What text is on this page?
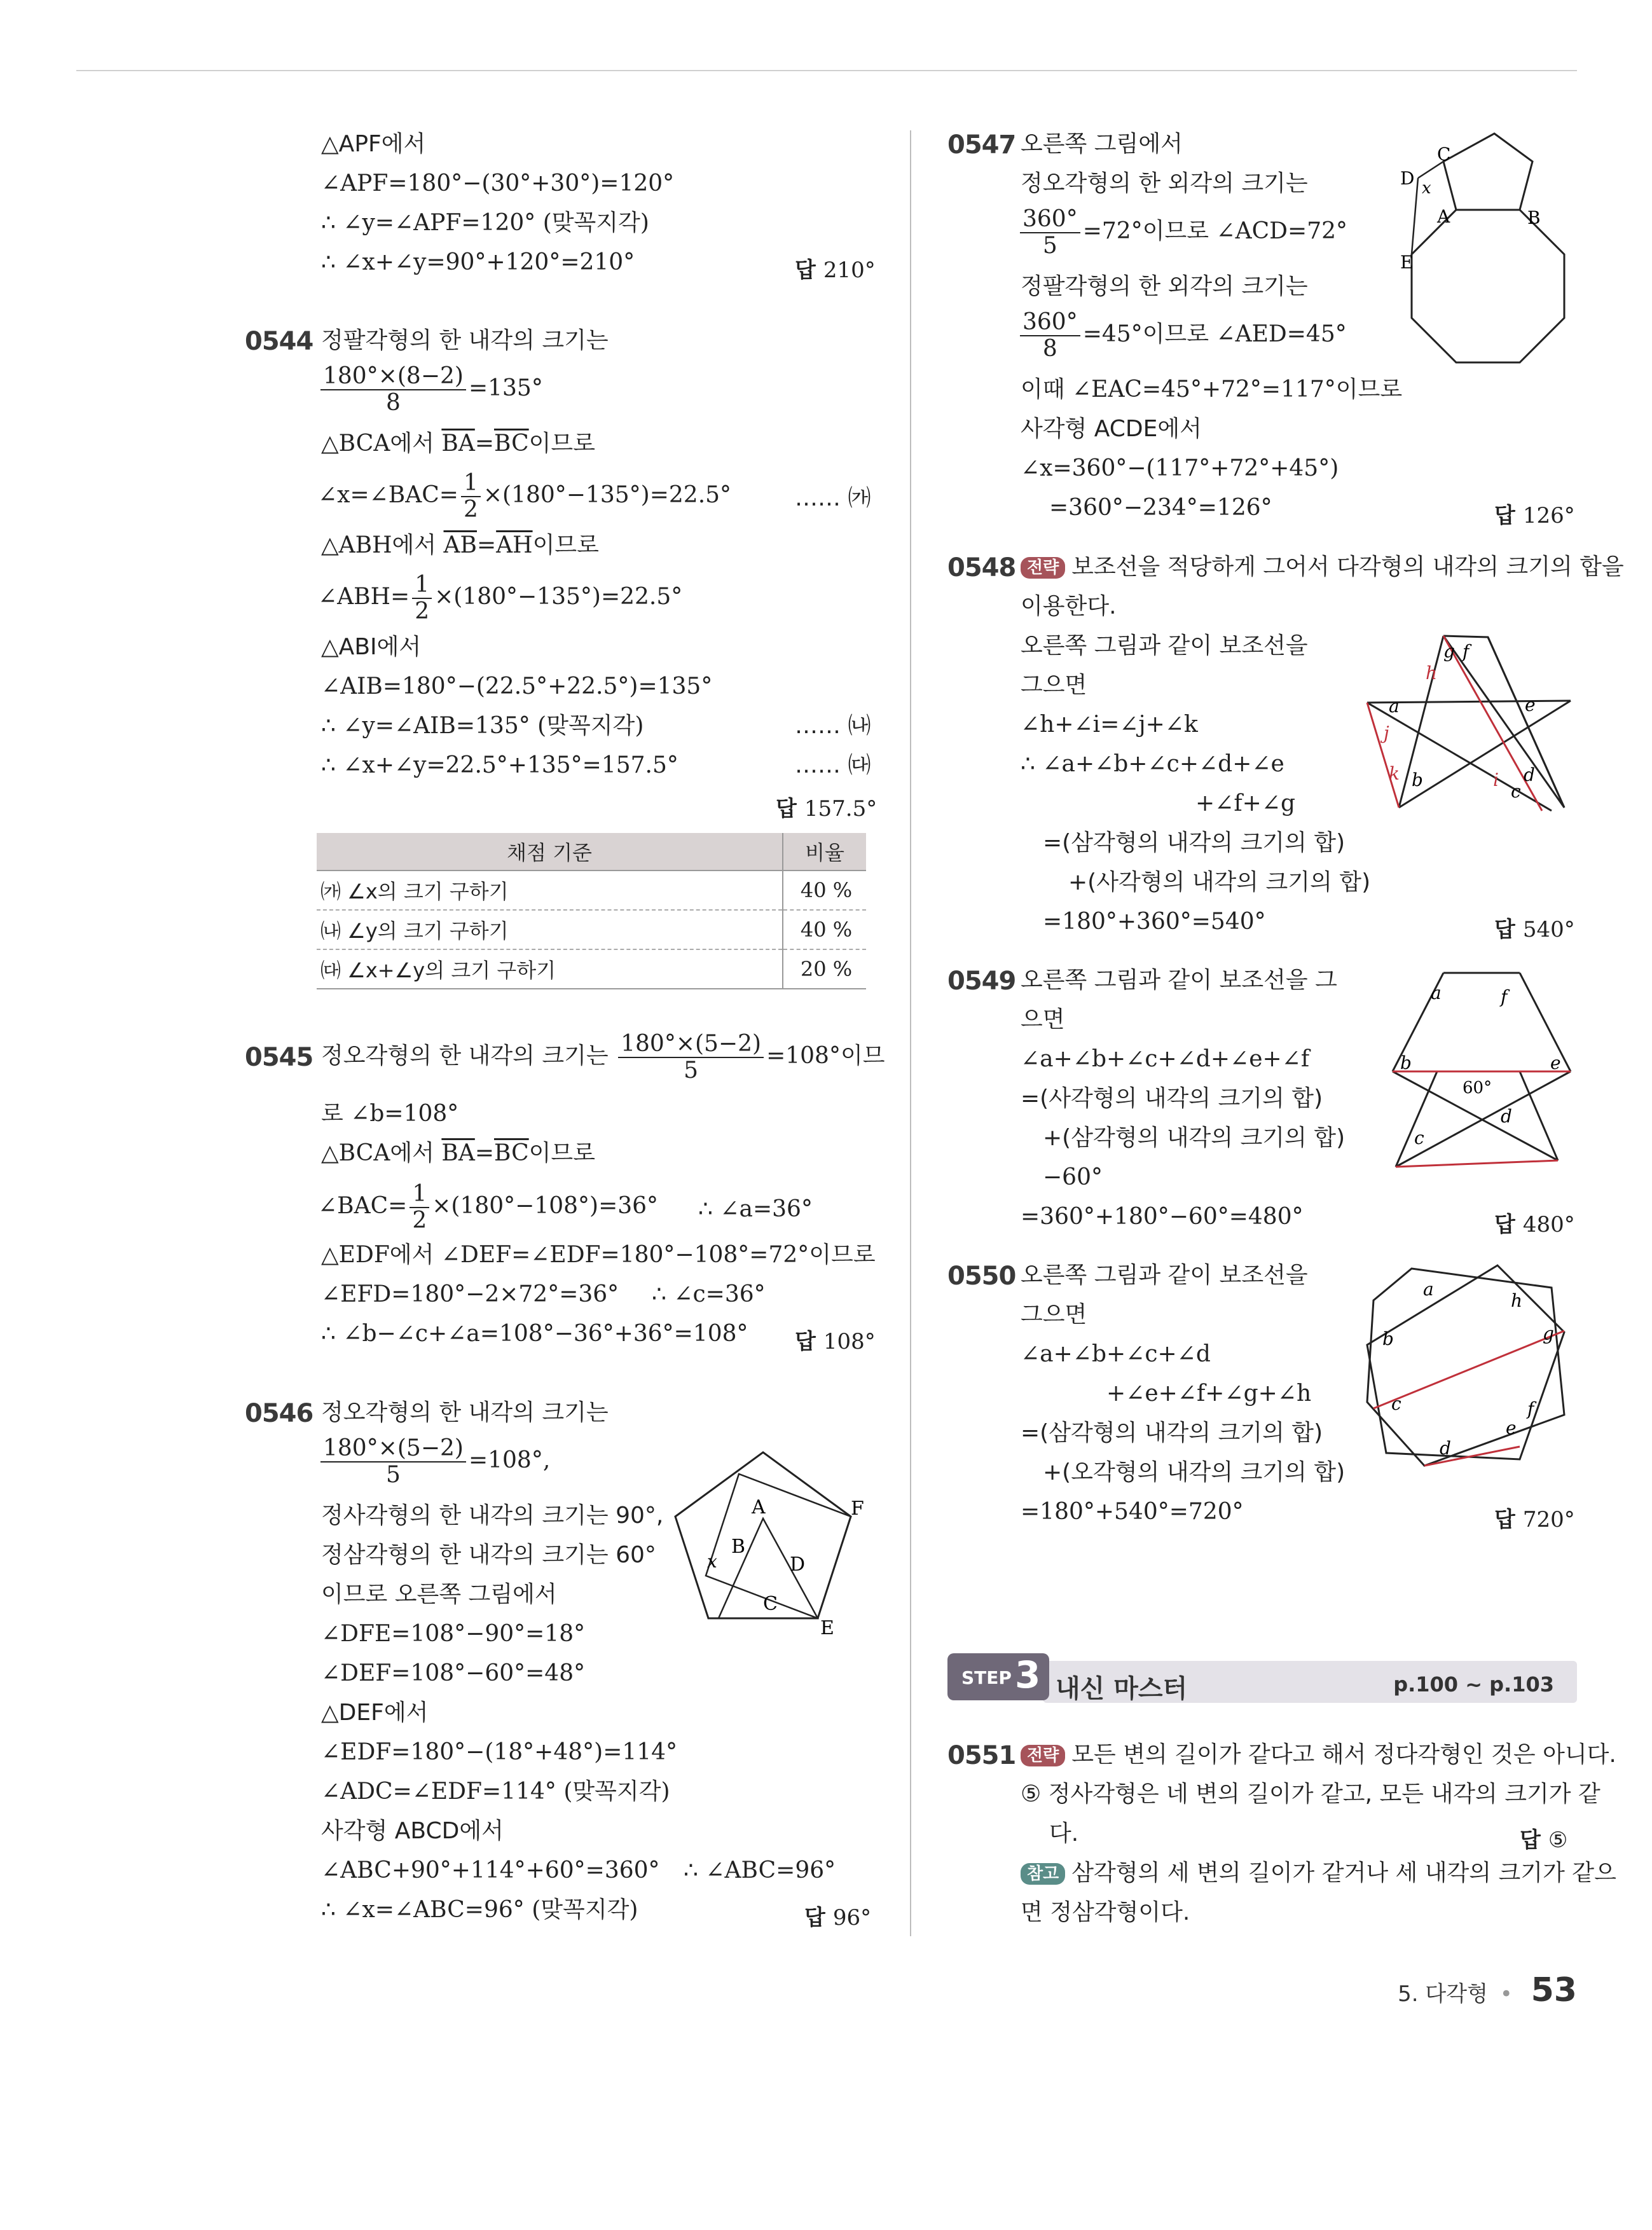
△APF에서
∠APF=180°−(30°+30°)=120°
∴ ∠y=∠APF=120° (맞꼭지각)
∴ ∠x+∠y=90°+120°=210°	답 210°
0544 정팔각형의 한 내각의 크기는
$\frac{180^\circ\times(8-2)}{8} =135^\circ$
△BCA에서 $\overline{BA}=\overline{BC}$이므로
∠x=∠BAC= $\frac{1}{2} \times(180^\circ-135^\circ)=22.5^\circ$	…… ㈎
△ABH에서 $\overline{AB}=\overline{AH}$이므로
∠ABH= $\frac{1}{2} \times(180^\circ-135^\circ)=22.5^\circ$
△ABI에서
∠AIB=180°−(22.5°+22.5°)=135°
∴ ∠y=∠AIB=135° (맞꼭지각)	…… ㈏
∴ ∠x+∠y=22.5°+135°=157.5°	…… ㈐
답 157.5°
채점 기준	비율
㈎ ∠x의 크기 구하기	40 %
㈏ ∠y의 크기 구하기	40 %
㈐ ∠x+∠y의 크기 구하기	20 %
0545 정오각형의 한 내각의 크기는 $\frac{180^\circ\times(5-2)}{5} =108^\circ$이므
로 ∠b=108°
△BCA에서 $\overline{BA}=\overline{BC}$이므로
∠BAC= $\frac{1}{2} \times(180^\circ-108^\circ)=36^\circ$ ∴ ∠a=36°
△EDF에서 ∠DEF=∠EDF=180°−108°=72°이므로
∠EFD=180°−2×72°=36° ∴ ∠c=36°
∴ ∠b−∠c+∠a=108°−36°+36°=108° 답 108°
0546 정오각형의 한 내각의 크기는
$\frac{180^\circ\times(5-2)}{5} =108^\circ$,
정사각형의 한 내각의 크기는 90°,
정삼각형의 한 내각의 크기는 60°
이므로 오른쪽 그림에서
∠DFE=108°−90°=18°
∠DEF=108°−60°=48°
△DEF에서
∠EDF=180°−(18°+48°)=114°
∠ADC=∠EDF=114° (맞꼭지각)
사각형 ABCD에서
∠ABC+90°+114°+60°=360° ∴ ∠ABC=96°
∴ ∠x=∠ABC=96° (맞꼭지각)	답 96°
A
B
C
D
E
F
x
0547 오른쪽 그림에서
정오각형의 한 외각의 크기는
$\frac{360^\circ}{5} =72^\circ$이므로 ∠ACD=72°
정팔각형의 한 외각의 크기는
$\frac{360^\circ}{8} =45^\circ$이므로 ∠AED=45°
이때 ∠EAC=45°+72°=117°이므로
사각형 ACDE에서
∠x=360°−(117°+72°+45°)
=360°−234°=126°	답 126°
C
D x
A	B
E
0548 전략 보조선을 적당하게 그어서 다각형의 내각의 크기의 합을
이용한다.
오른쪽 그림과 같이 보조선을
그으면
∠h+∠i=∠j+∠k
∴ ∠a+∠b+∠c+∠d+∠e
+∠f+∠g
=(삼각형의 내각의 크기의 합)
+(사각형의 내각의 크기의 합)
=180°+360°=540°	답 540°
g f
h
a	e
j
k b	i
c
d
0549 오른쪽 그림과 같이 보조선을 그
으면
∠a+∠b+∠c+∠d+∠e+∠f
=(사각형의 내각의 크기의 합)
+(삼각형의 내각의 크기의 합)
−60°
=360°+180°−60°=480°	답 480°
a	f
b	e
60°
c
d
0550 오른쪽 그림과 같이 보조선을
그으면
∠a+∠b+∠c+∠d
+∠e+∠f+∠g+∠h
=(삼각형의 내각의 크기의 합)
+(오각형의 내각의 크기의 합)
=180°+540°=720°	답 720°
a
h
b	g
c	f
e
d
내신 마스터	p.100 ~ p.103
STEP 3
0551 전략 모든 변의 길이가 같다고 해서 정다각형인 것은 아니다.
⑤ 정사각형은 네 변의 길이가 같고, 모든 내각의 크기가 같
다.	답 ⑤
참고 삼각형의 세 변의 길이가 같거나 세 내각의 크기가 같으
면 정삼각형이다.
5. 다각형 • 53
